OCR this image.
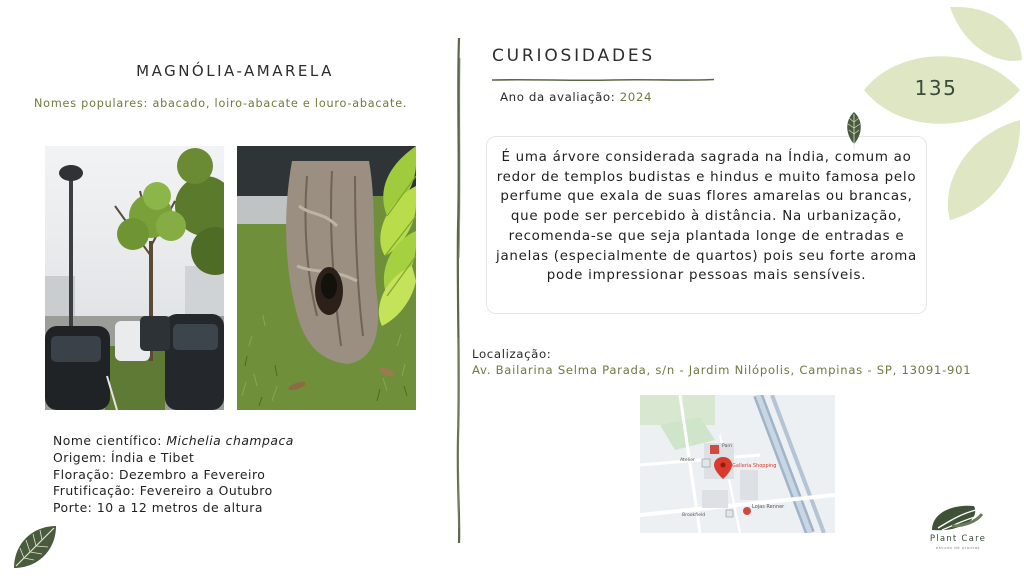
MAGNÓLIA-AMARELA
Nomes populares: abacado, loiro-abacate e louro-abacate.
Nome científico: Michelia champaca
Origem: Índia e Tibet
Floração: Dezembro a Fevereiro
Frutificação: Fevereiro a Outubro
Porte: 10 a 12 metros de altura
CURIOSIDADES
Ano da avaliação: 2024
É uma árvore considerada sagrada na Índia, comum ao redor de templos budistas e hindus e muito famosa pelo perfume que exala de suas flores amarelas ou brancas, que pode ser percebido à distância. Na urbanização, recomenda-se que seja plantada longe de entradas e janelas (especialmente de quartos) pois seu forte aroma pode impressionar pessoas mais sensíveis.
135
Localização:
Av. Bailarina Selma Parada, s/n - Jardim Nilópolis, Campinas - SP, 13091-901
Galleria Shopping
Lojas Renner
Brookfield
Parri
Atelier
Plant Care
estudo de plantas
